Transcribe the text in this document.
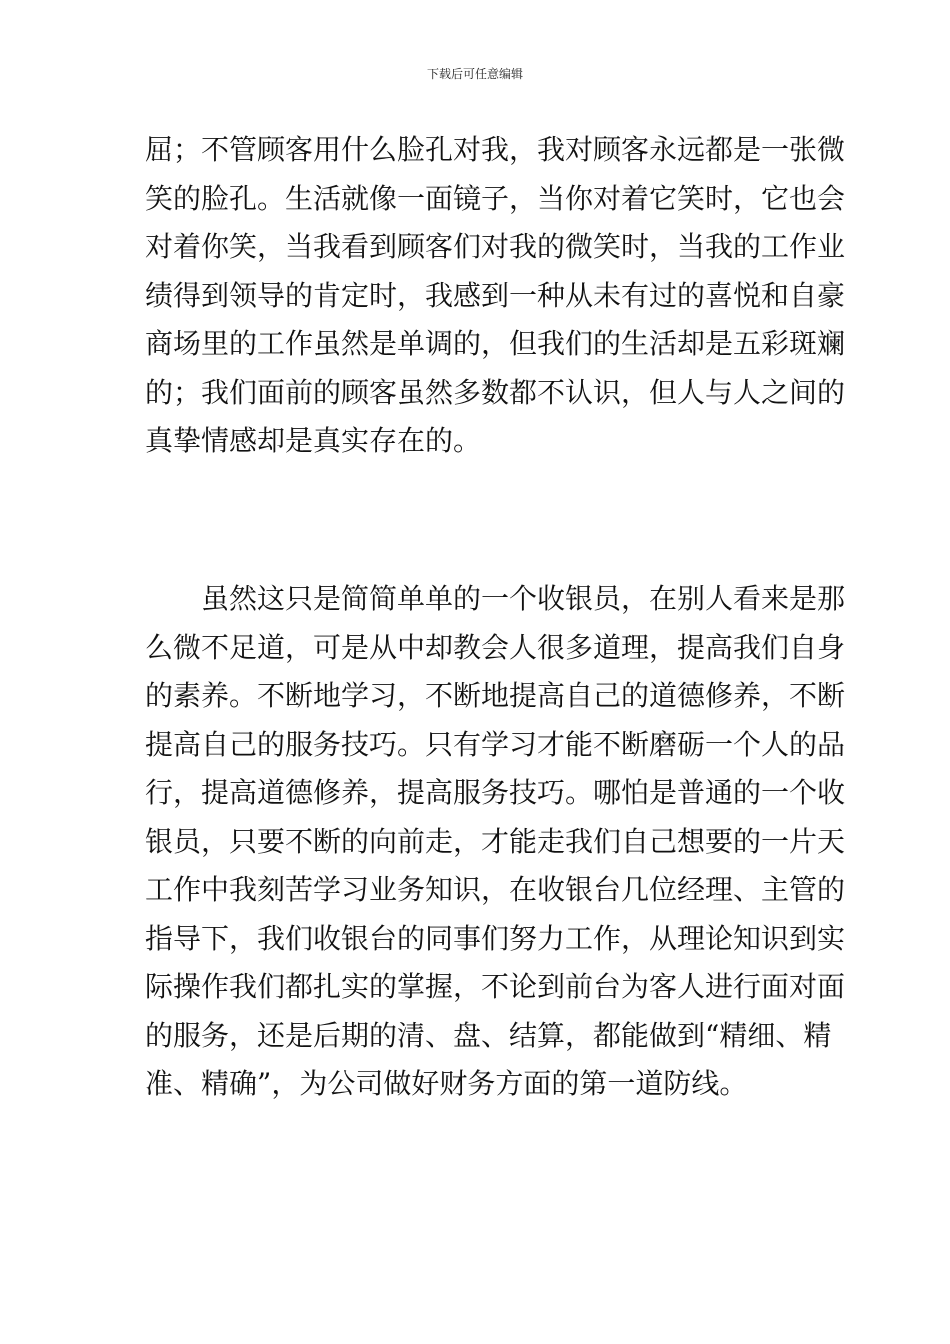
下载后可任意编辑
屈；不管顾客用什么脸孔对我，我对顾客永远都是一张微
笑的脸孔。生活就像一面镜子，当你对着它笑时，它也会
对着你笑，当我看到顾客们对我的微笑时，当我的工作业
绩得到领导的肯定时，我感到一种从未有过的喜悦和自豪
商场里的工作虽然是单调的，但我们的生活却是五彩斑斓
的；我们面前的顾客虽然多数都不认识，但人与人之间的
真挚情感却是真实存在的。
虽然这只是简简单单的一个收银员，在别人看来是那
么微不足道，可是从中却教会人很多道理，提高我们自身
的素养。不断地学习，不断地提高自己的道德修养，不断
提高自己的服务技巧。只有学习才能不断磨砺一个人的品
行，提高道德修养，提高服务技巧。哪怕是普通的一个收
银员，只要不断的向前走，才能走我们自己想要的一片天
工作中我刻苦学习业务知识，在收银台几位经理、主管的
指导下，我们收银台的同事们努力工作，从理论知识到实
际操作我们都扎实的掌握，不论到前台为客人进行面对面
的服务，还是后期的清、盘、结算，都能做到“精细、精
准、精确”，为公司做好财务方面的第一道防线。
